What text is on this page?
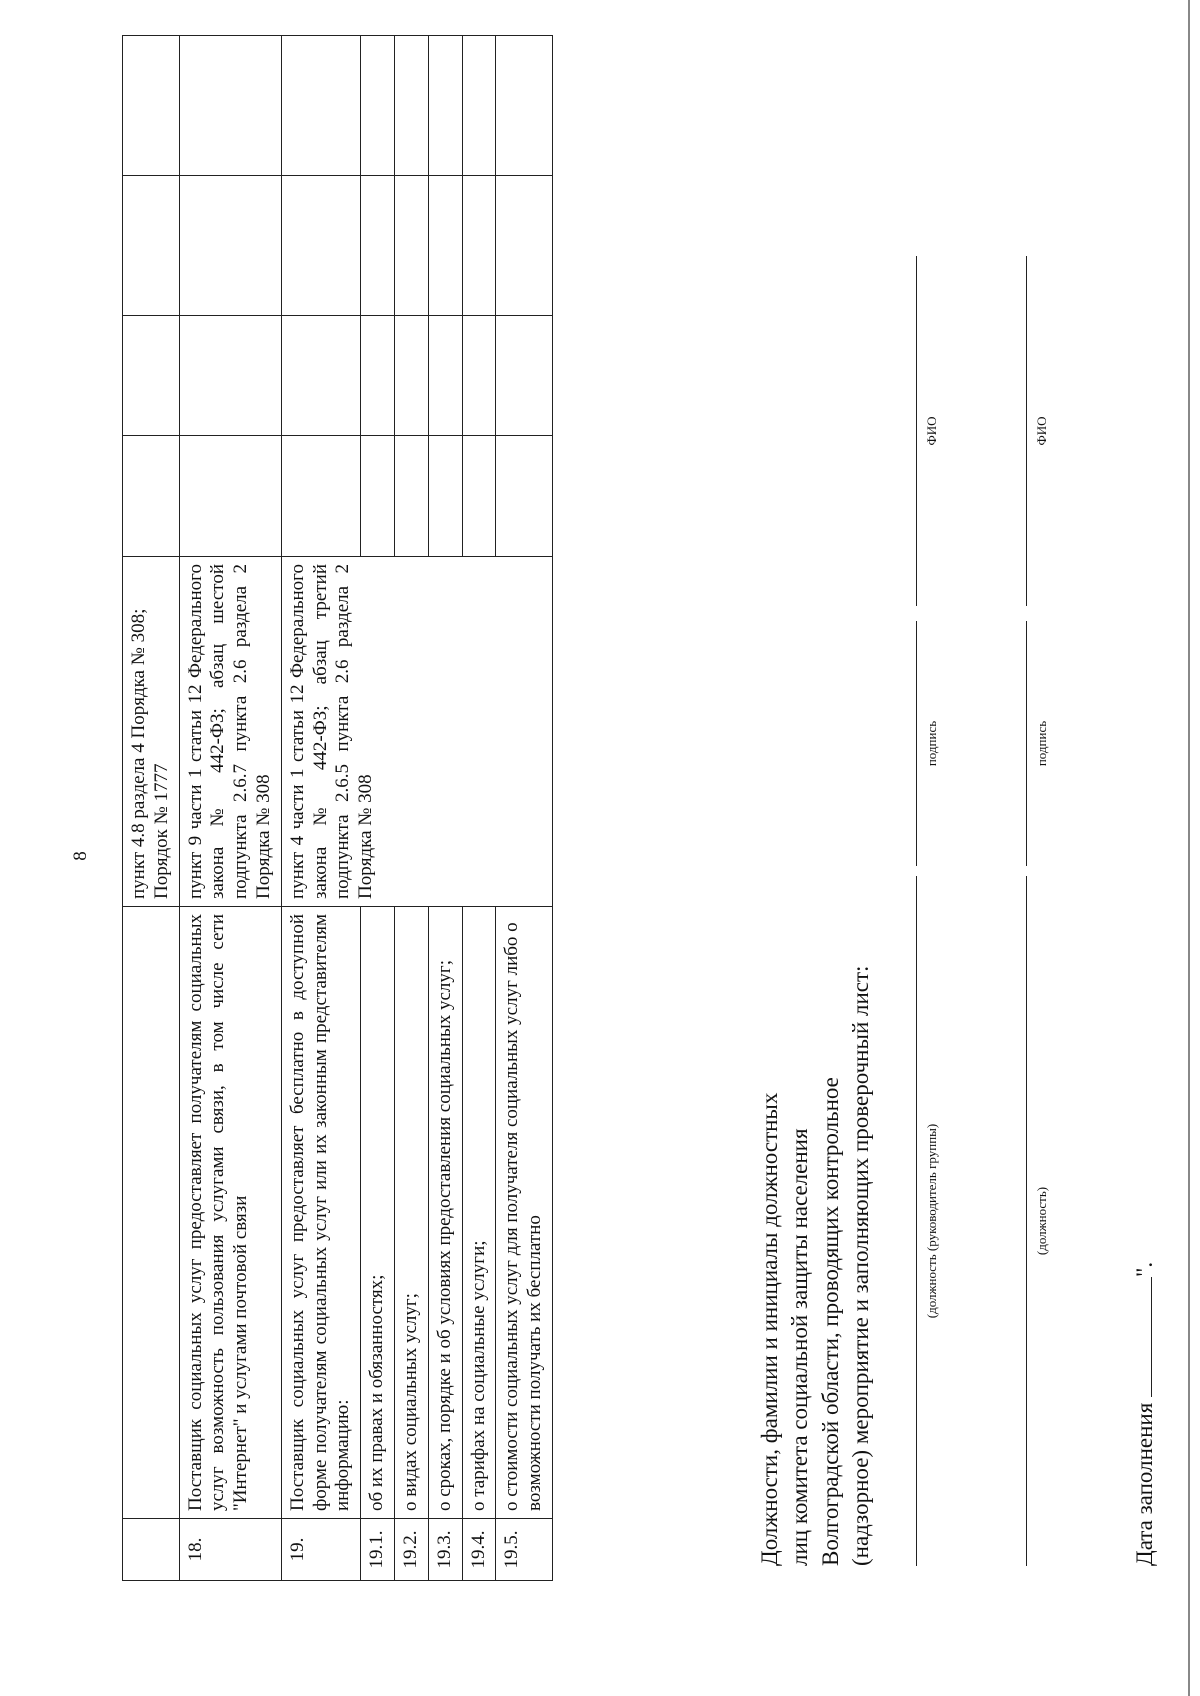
8
		пункт 4.8 раздела 4 Порядка № 308; Порядок № 1777				
18.	Поставщик социальных услуг предоставляет получателям социальных услуг возможность пользования услугами связи, в том числе сети "Интернет" и услугами почтовой связи	пункт 9 части 1 статьи 12 Федерального закона № 442-ФЗ; абзац шестой подпункта 2.6.7 пункта 2.6 раздела 2 Порядка № 308				
19.	Поставщик социальных услуг предоставляет бесплатно в доступной форме получателям социальных услуг или их законным представителям информацию:	пункт 4 части 1 статьи 12 Федерального закона № 442-ФЗ; абзац третий подпункта 2.6.5 пункта 2.6 раздела 2 Порядка № 308				
19.1.	об их правах и обязанностях;					
19.2.	о видах социальных услуг;					
19.3.	о сроках, порядке и об условиях предоставления социальных услуг;					
19.4.	о тарифах на социальные услуги;					
19.5.	о стоимости социальных услуг для получателя социальных услуг либо о возможности получать их бесплатно						Должности, фамилии и инициалы должностных лиц комитета социальной защиты населения Волгоградской области, проводящих контрольное (надзорное) мероприятие и заполняющих проверочный лист:	(должность (руководитель группы)
подпись
ФИО
(должность)
подпись
ФИО
Дата заполнения ".
